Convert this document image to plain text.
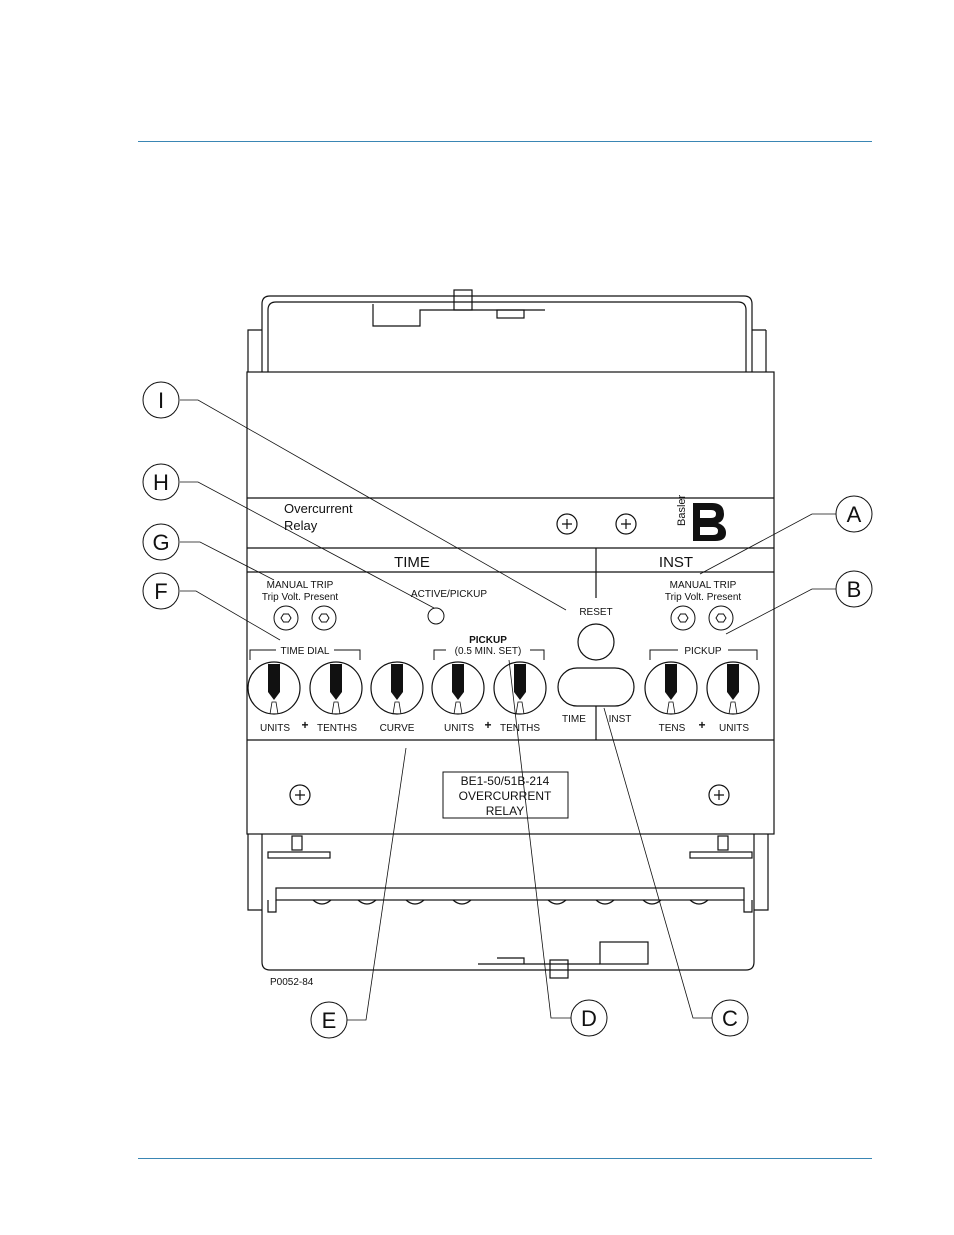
Basler
Overcurrent
Relay
TIME	INST
MANUAL TRIP
Trip Volt. Present
MANUAL TRIP
Trip Volt. Present
ACTIVE/PICKUP
RESET
TIME INST
TIME DIAL
PICKUP
(0.5 MIN. SET)	PICKUP
UNITS + TENTHS CURVE	UNITS + TENTHS	TENS + UNITS
BE1-50/51B-214
OVERCURRENT
RELAY
P0052-84
A
B
C
D
E
F
G
H
I
